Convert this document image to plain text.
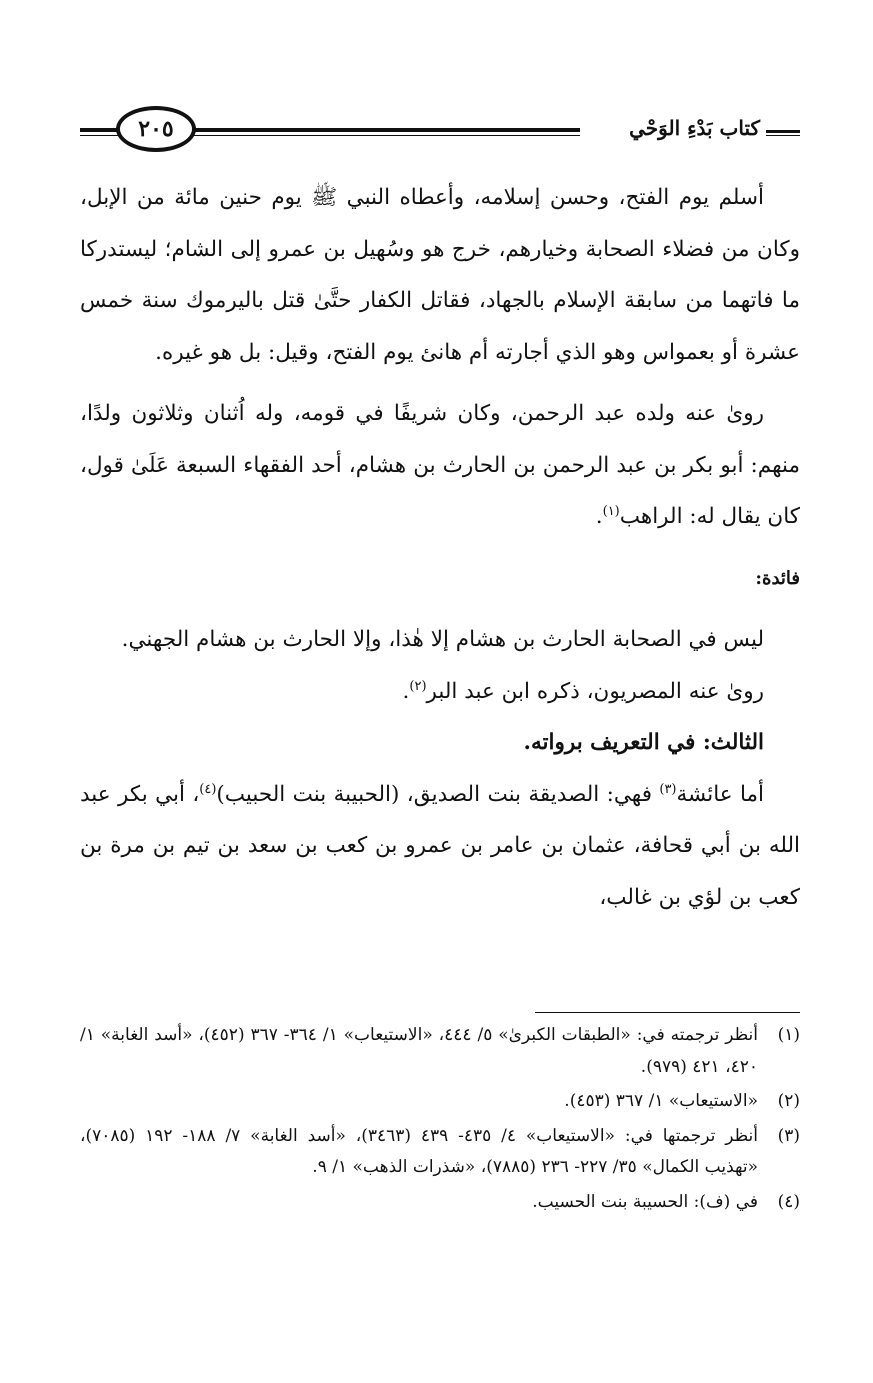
كتاب بَدْءِ الوَحْي
٢٠٥

أسلم يوم الفتح، وحسن إسلامه، وأعطاه النبي ﷺ يوم حنين مائة من الإبل، وكان من فضلاء الصحابة وخيارهم، خرج هو وسُهيل بن عمرو إلى الشام؛ ليستدركا ما فاتهما من سابقة الإسلام بالجهاد، فقاتل الكفار حتَّىٰ قتل باليرموك سنة خمس عشرة أو بعمواس وهو الذي أجارته أم هانئ يوم الفتح، وقيل: بل هو غيره.

رویٰ عنه ولده عبد الرحمن، وكان شريفًا في قومه، وله اُثنان وثلاثون ولدًا، منهم: أبو بكر بن عبد الرحمن بن الحارث بن هشام، أحد الفقهاء السبعة عَلَىٰ قول، كان يقال له: الراهب$^{(١)}$.

فائدة:

ليس في الصحابة الحارث بن هشام إلا هٰذا، وإلا الحارث بن هشام الجهني.

رویٰ عنه المصريون، ذكره ابن عبد البر$^{(٢)}$.

الثالث: في التعريف برواته.

أما عائشة$^{(٣)}$ فهي: الصديقة بنت الصديق، (الحبيبة بنت الحبيب)$^{(٤)}$، أبي بكر عبد الله بن أبي قحافة، عثمان بن عامر بن عمرو بن كعب بن سعد بن تيم بن مرة بن كعب بن لؤي بن غالب،

(١)
أنظر ترجمته في: «الطبقات الكبرىٰ» ٥/ ٤٤٤، «الاستيعاب» ١/ ٣٦٤- ٣٦٧ (٤٥٢)، «أسد الغابة» ١/ ٤٢٠، ٤٢١ (٩٧٩).
(٢)
«الاستيعاب» ١/ ٣٦٧ (٤٥٣).
(٣)
أنظر ترجمتها في: «الاستيعاب» ٤/ ٤٣٥- ٤٣٩ (٣٤٦٣)، «أسد الغابة» ٧/ ١٨٨- ١٩٢ (٧٠٨٥)، «تهذيب الكمال» ٣٥/ ٢٢٧- ٢٣٦ (٧٨٨٥)، «شذرات الذهب» ١/ ٩.
(٤)
في (ف): الحسيبة بنت الحسيب.
